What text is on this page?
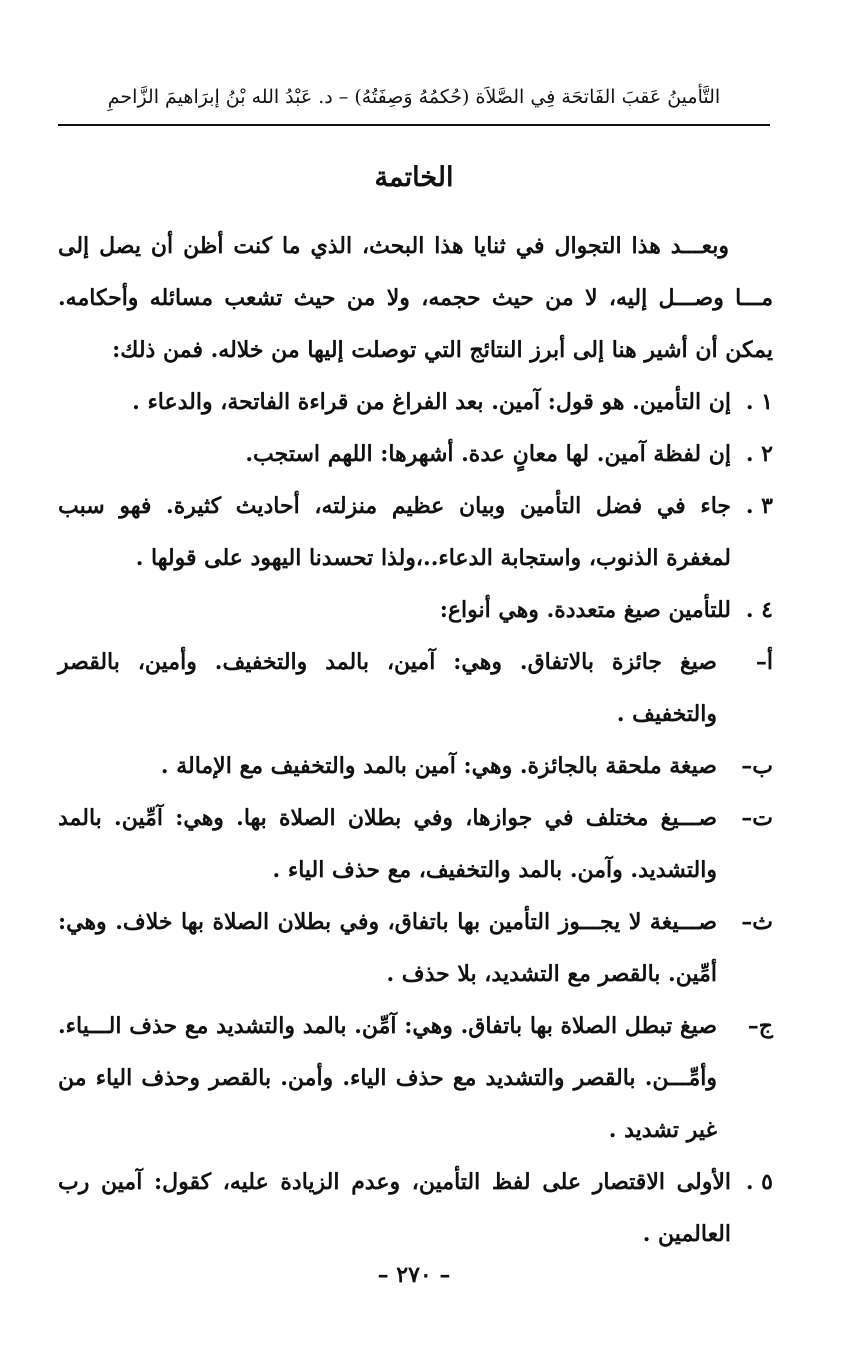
التَّأمينُ عَقبَ الفَاتحَة فِي الصَّلاَة (حُكمُهُ وَصِفَتُهُ) – د. عَبْدُ الله بْنُ إبرَاهيمَ الزَّاحمِ
الخاتمة

وبعـــد هذا التجوال في ثنايا هذا البحث، الذي ما كنت أظن أن يصل إلى مـــا وصـــل إليه، لا من حيث حجمه، ولا من حيث تشعب مسائله وأحكامه. يمكن أن أشير هنا إلى أبرز النتائج التي توصلت إليها من خلاله. فمن ذلك:

١ .
إن التأمين. هو قول: آمين. بعد الفراغ من قراءة الفاتحة، والدعاء .
٢ .
إن لفظة آمين. لها معانٍ عدة. أشهرها: اللهم استجب.
٣ .
جاء في فضل التأمين وبيان عظيم منزلته، أحاديث كثيرة. فهو سبب لمغفرة الذنوب، واستجابة الدعاء..،ولذا تحسدنا اليهود على قولها .
٤ .
للتأمين صيغ متعددة. وهي أنواع:
أ–
صيغ جائزة بالاتفاق. وهي: آمين، بالمد والتخفيف. وأمين، بالقصر والتخفيف .
ب–
صيغة ملحقة بالجائزة. وهي: آمين بالمد والتخفيف مع الإمالة .
ت–
صـــيغ مختلف في جوازها، وفي بطلان الصلاة بها. وهي: آمِّين. بالمد والتشديد. وآمن. بالمد والتخفيف، مع حذف الياء .
ث–
صـــيغة لا يجـــوز التأمين بها باتفاق، وفي بطلان الصلاة بها خلاف. وهي: أمِّين. بالقصر مع التشديد، بلا حذف .
ج–
صيغ تبطل الصلاة بها باتفاق. وهي: آمِّن. بالمد والتشديد مع حذف الـــياء. وأمِّـــن. بالقصر والتشديد مع حذف الياء. وأمن. بالقصر وحذف الياء من غير تشديد .
٥ .
الأولى الاقتصار على لفظ التأمين، وعدم الزيادة عليه، كقول: آمين رب العالمين .
– ٢٧٠ –
